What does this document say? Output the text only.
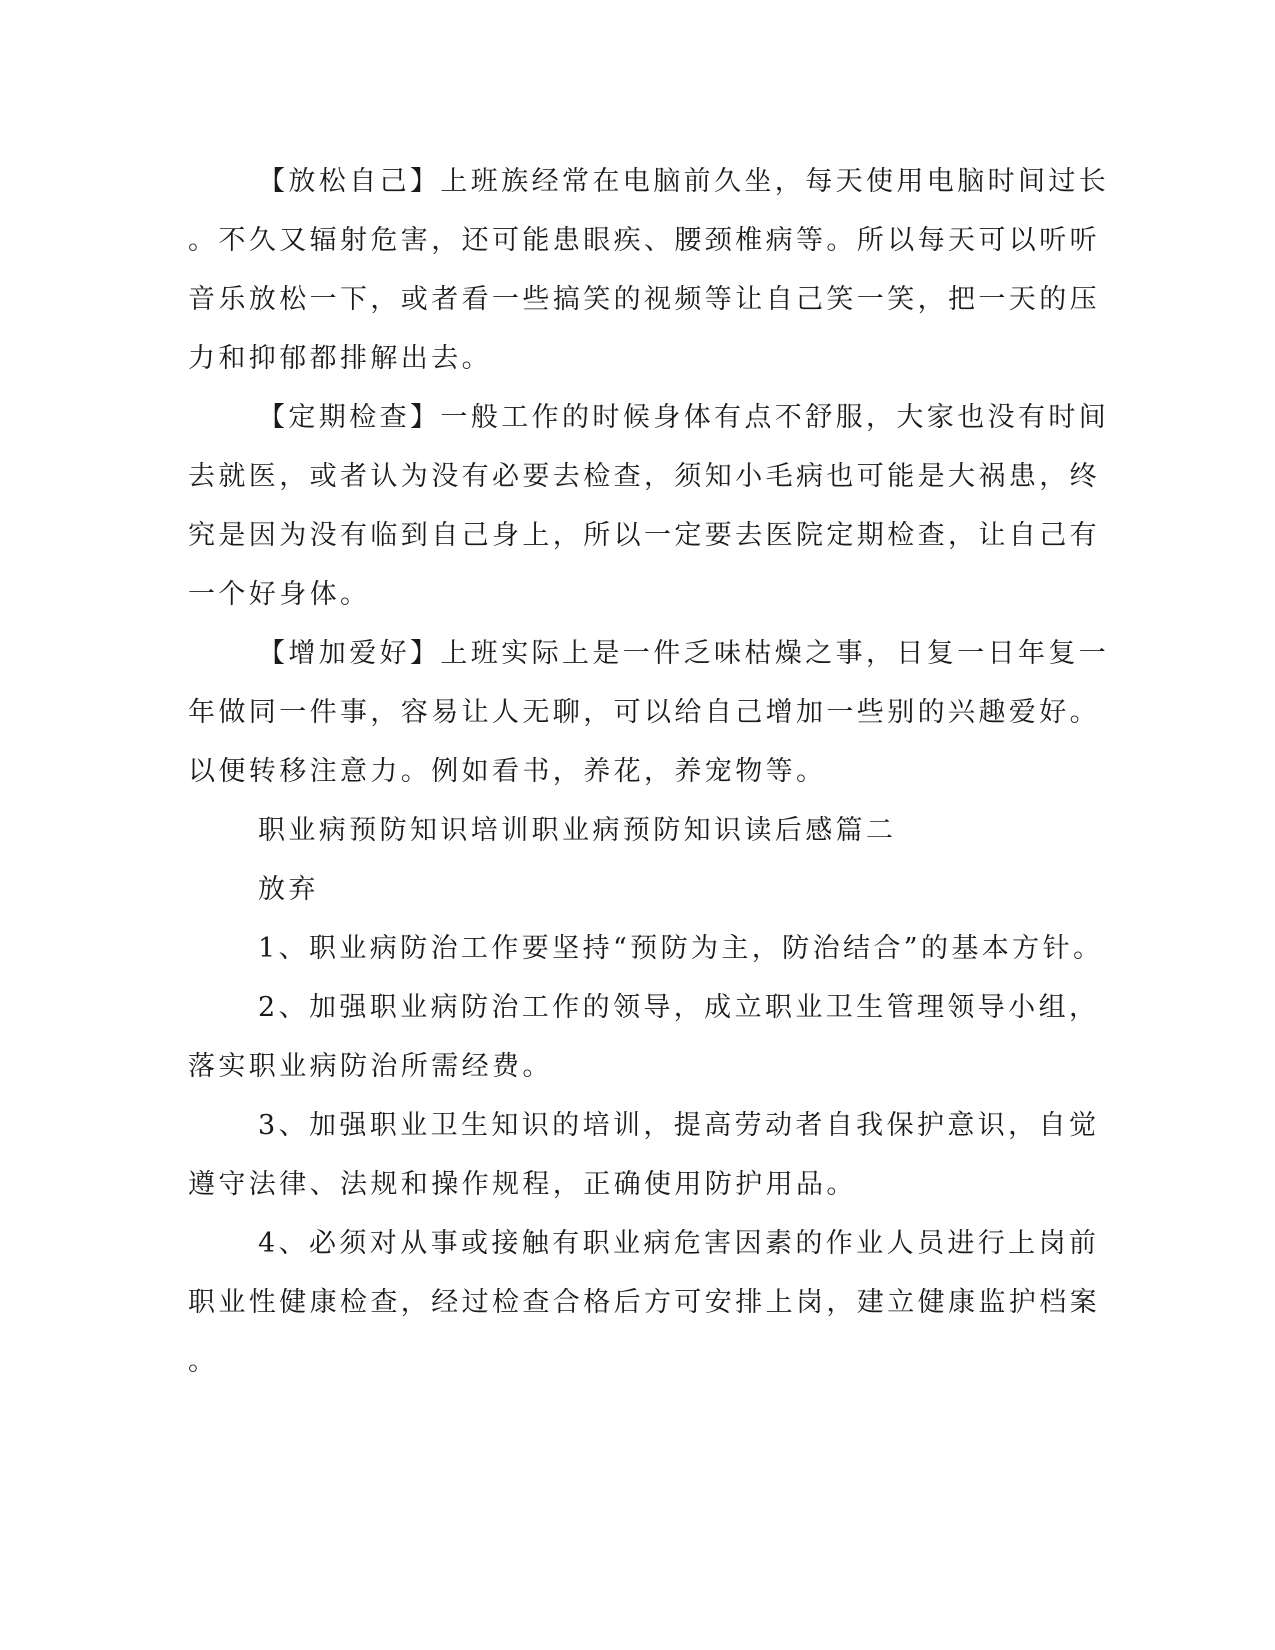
【放松自己】上班族经常在电脑前久坐，每天使用电脑时间过长
。不久又辐射危害，还可能患眼疾、腰颈椎病等。所以每天可以听听
音乐放松一下，或者看一些搞笑的视频等让自己笑一笑，把一天的压
力和抑郁都排解出去。
【定期检查】一般工作的时候身体有点不舒服，大家也没有时间
去就医，或者认为没有必要去检查，须知小毛病也可能是大祸患，终
究是因为没有临到自己身上，所以一定要去医院定期检查，让自己有
一个好身体。
【增加爱好】上班实际上是一件乏味枯燥之事，日复一日年复一
年做同一件事，容易让人无聊，可以给自己增加一些别的兴趣爱好。
以便转移注意力。例如看书，养花，养宠物等。
职业病预防知识培训职业病预防知识读后感篇二
放弃
1、职业病防治工作要坚持“预防为主，防治结合”的基本方针。
2、加强职业病防治工作的领导，成立职业卫生管理领导小组，
落实职业病防治所需经费。
3、加强职业卫生知识的培训，提高劳动者自我保护意识，自觉
遵守法律、法规和操作规程，正确使用防护用品。
4、必须对从事或接触有职业病危害因素的作业人员进行上岗前
职业性健康检查，经过检查合格后方可安排上岗，建立健康监护档案
。
